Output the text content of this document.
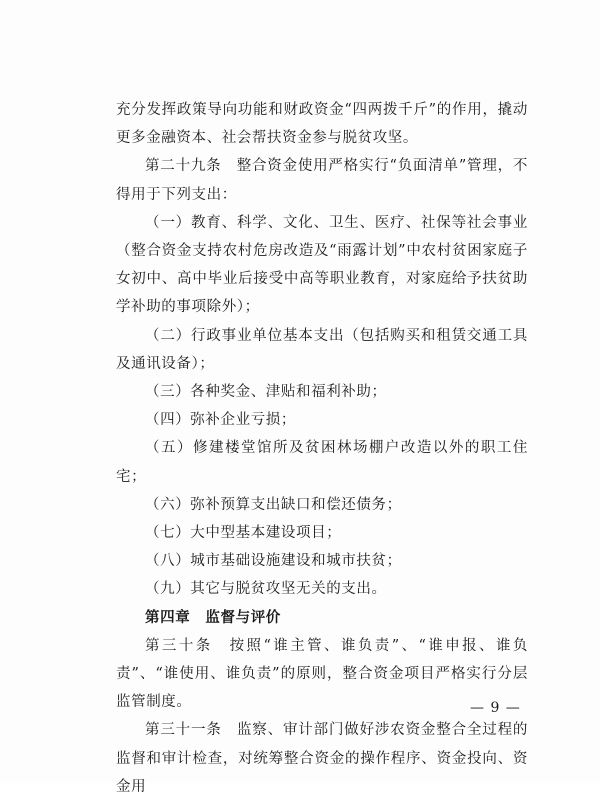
充分发挥政策导向功能和财政资金“四两拨千斤”的作用，撬动更多金融资本、社会帮扶资金参与脱贫攻坚。

第二十九条　整合资金使用严格实行“负面清单”管理，不得用于下列支出：

（一）教育、科学、文化、卫生、医疗、社保等社会事业（整合资金支持农村危房改造及“雨露计划”中农村贫困家庭子女初中、高中毕业后接受中高等职业教育，对家庭给予扶贫助学补助的事项除外）；

（二）行政事业单位基本支出（包括购买和租赁交通工具及通讯设备）；

（三）各种奖金、津贴和福利补助；

（四）弥补企业亏损；

（五）修建楼堂馆所及贫困林场棚户改造以外的职工住宅；

（六）弥补预算支出缺口和偿还债务；

（七）大中型基本建设项目；

（八）城市基础设施建设和城市扶贫；

（九）其它与脱贫攻坚无关的支出。

第四章　监督与评价

第三十条　按照“谁主管、谁负责”、“谁申报、谁负责”、“谁使用、谁负责”的原则，整合资金项目严格实行分层监管制度。

第三十一条　监察、审计部门做好涉农资金整合全过程的监督和审计检查，对统筹整合资金的操作程序、资金投向、资金用

— 9 —
